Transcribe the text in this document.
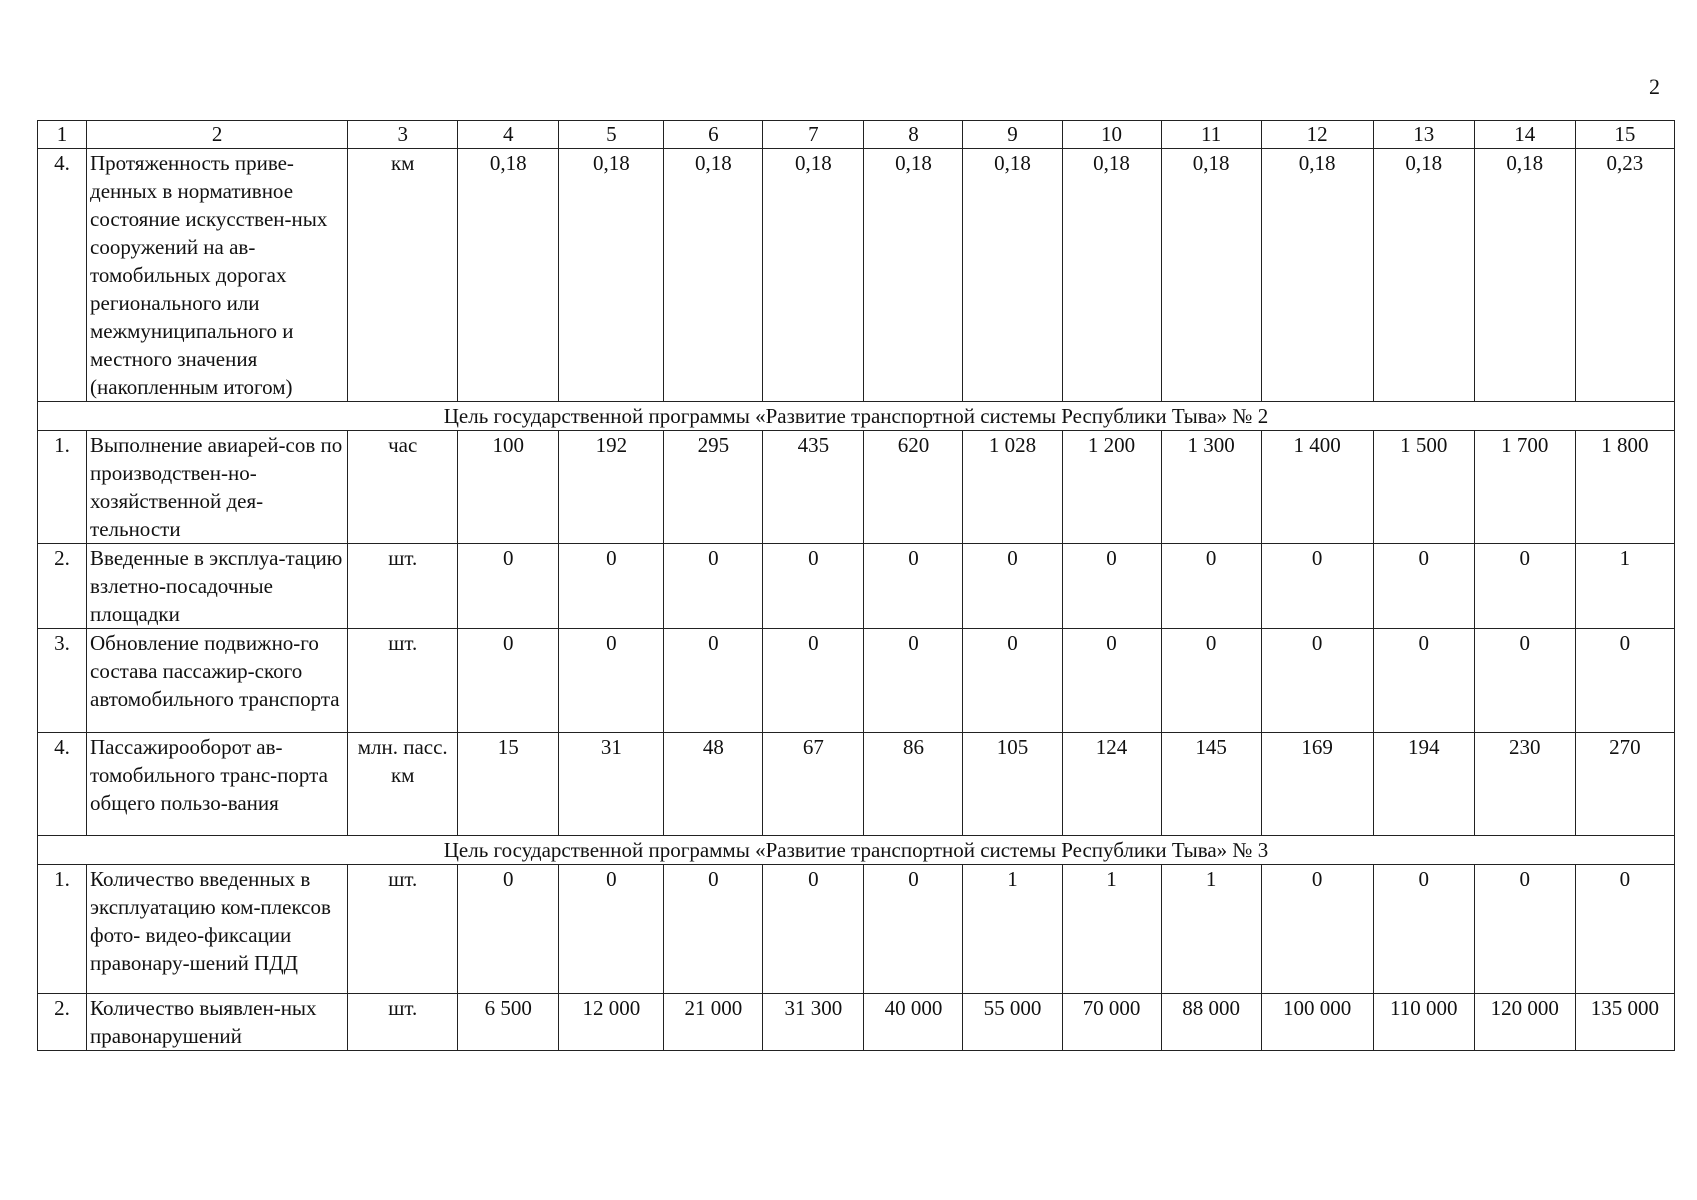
2
1	2	3	4	5	6	7	8	9	10	11	12	13	14	15
4.	Протяженность приве-денных в нормативное состояние искусствен-ных сооружений на ав-томобильных дорогах регионального или межмуниципального и местного значения (накопленным итогом)	км	0,18	0,18	0,18	0,18	0,18	0,18	0,18	0,18	0,18	0,18	0,18	0,23
Цель государственной программы «Развитие транспортной системы Республики Тыва» № 2														
1.	Выполнение авиарей-сов по производствен-но-хозяйственной дея-тельности	час	100	192	295	435	620	1 028	1 200	1 300	1 400	1 500	1 700	1 800
2.	Введенные в эксплуа-тацию взлетно-посадочные площадки	шт.	0	0	0	0	0	0	0	0	0	0	0	1
3.	Обновление подвижно-го состава пассажир-ского автомобильного транспорта	шт.	0	0	0	0	0	0	0	0	0	0	0	0
4.	Пассажирооборот ав-томобильного транс-порта общего пользо-вания	млн. пасс. км	15	31	48	67	86	105	124	145	169	194	230	270
Цель государственной программы «Развитие транспортной системы Республики Тыва» № 3														
1.	Количество введенных в эксплуатацию ком-плексов фото- видео-фиксации правонару-шений ПДД	шт.	0	0	0	0	0	1	1	1	0	0	0	0
2.	Количество выявлен-ных правонарушений	шт.	6 500	12 000	21 000	31 300	40 000	55 000	70 000	88 000	100 000	110 000	120 000	135 000
